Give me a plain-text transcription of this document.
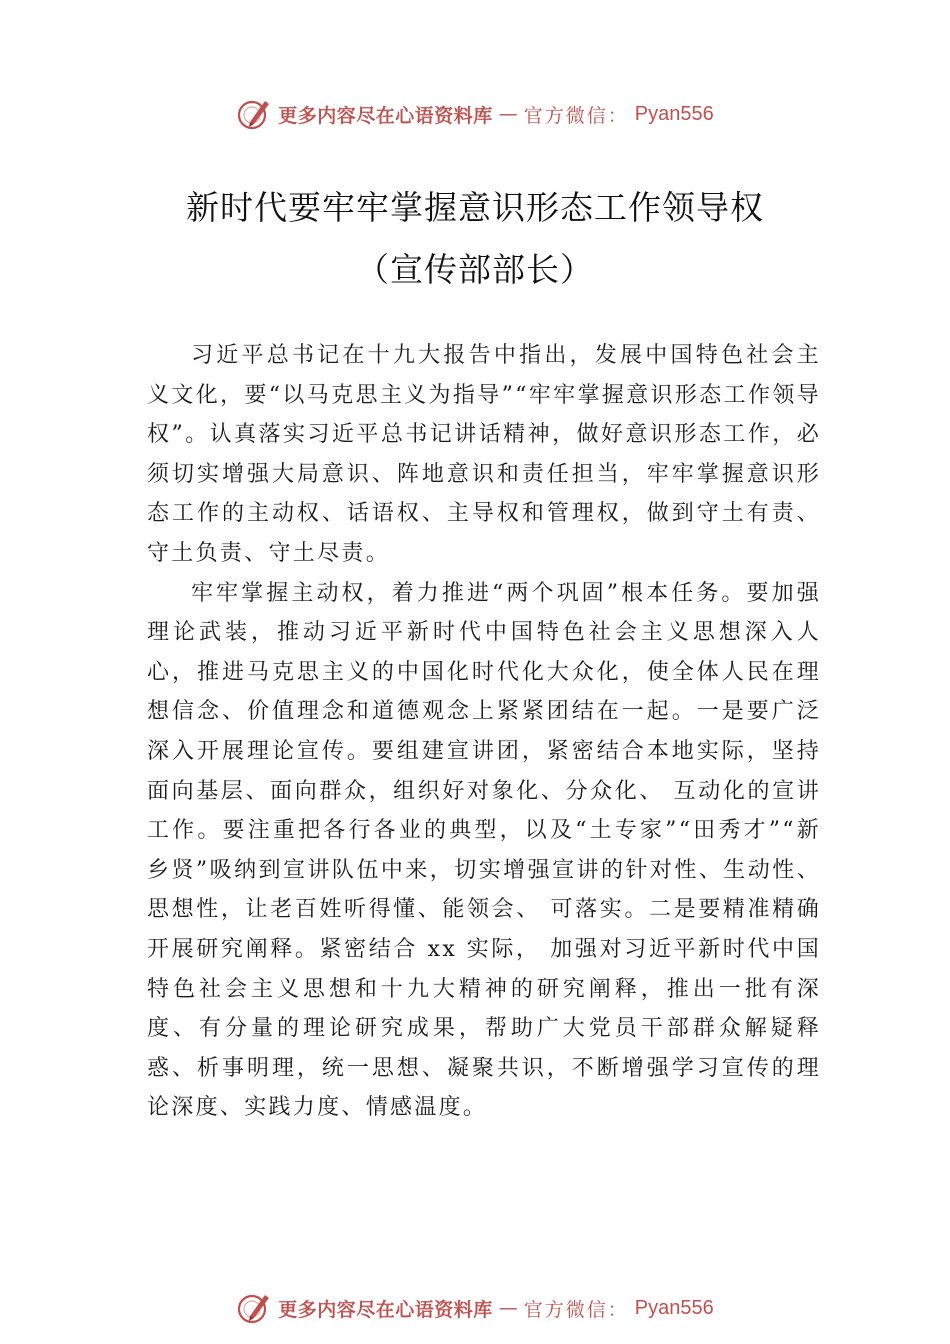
更多内容尽在心语资料库 — 官方微信： Pyan556
新时代要牢牢掌握意识形态工作领导权
（宣传部部长）

习近平总书记在十九大报告中指出，发展中国特色社会主义文化，要“以马克思主义为指导”“牢牢掌握意识形态工作领导权”。认真落实习近平总书记讲话精神，做好意识形态工作，必须切实增强大局意识、阵地意识和责任担当，牢牢掌握意识形态工作的主动权、话语权、主导权和管理权，做到守土有责、守土负责、守土尽责。

牢牢掌握主动权，着力推进“两个巩固”根本任务。要加强理论武装，推动习近平新时代中国特色社会主义思想深入人心，推进马克思主义的中国化时代化大众化，使全体人民在理想信念、价值理念和道德观念上紧紧团结在一起。一是要广泛深入开展理论宣传。要组建宣讲团，紧密结合本地实际，坚持面向基层、面向群众，组织好对象化、分众化、 互动化的宣讲工作。要注重把各行各业的典型，以及“土专家”“田秀才”“新乡贤”吸纳到宣讲队伍中来，切实增强宣讲的针对性、生动性、思想性，让老百姓听得懂、能领会、 可落实。二是要精准精确开展研究阐释。紧密结合 xx 实际， 加强对习近平新时代中国特色社会主义思想和十九大精神的研究阐释，推出一批有深度、有分量的理论研究成果，帮助广大党员干部群众解疑释惑、析事明理，统一思想、凝聚共识，不断增强学习宣传的理论深度、实践力度、情感温度。

更多内容尽在心语资料库 — 官方微信： Pyan556
